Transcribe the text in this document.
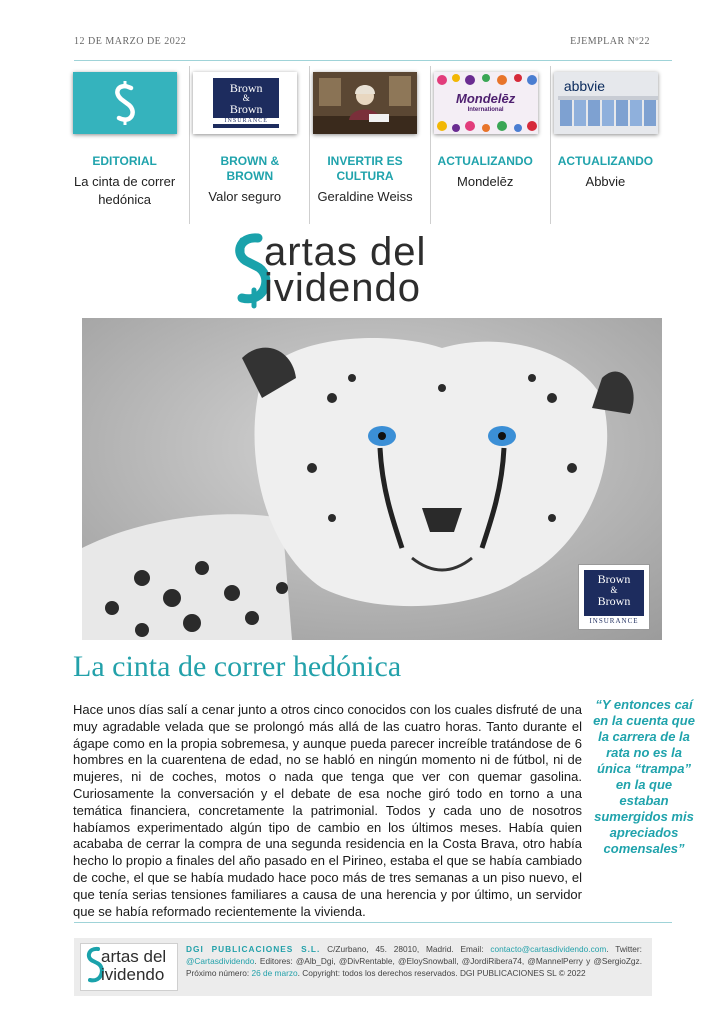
12 DE MARZO DE 2022	EJEMPLAR Nº22
EDITORIAL
La cinta de correr hedónica
Brown
&
Brown
INSURANCE
BROWN & BROWN
Valor seguro
INVERTIR ES CULTURA
Geraldine Weiss
Mondelēz
International
ACTUALIZANDO
Mondelēz
abbvie
ACTUALIZANDO
Abbvie
artas del
ividendo
Brown
&
Brown
INSURANCE
La cinta de correr hedónica

Hace unos días salí a cenar junto a otros cinco conocidos con los cuales disfruté de una muy agradable velada que se prolongó más allá de las cuatro horas. Tanto durante el ágape como en la propia sobremesa, y aunque pueda parecer increíble tratándose de 6 hombres en la cuarentena de edad, no se habló en ningún momento ni de fútbol, ni de mujeres, ni de coches, motos o nada que tenga que ver con quemar gasolina. Curiosamente la conversación y el debate de esa noche giró todo en torno a una temática financiera, concretamente la patrimonial. Todos y cada uno de nosotros habíamos experimentado algún tipo de cambio en los últimos meses. Había quien acababa de cerrar la compra de una segunda residencia en la Costa Brava, otro había hecho lo propio a finales del año pasado en el Pirineo, estaba el que se había cambiado de coche, el que se había mudado hace poco más de tres semanas a un piso nuevo, el que tenía serias tensiones familiares a causa de una herencia y por último, un servidor que se había reformado recientemente la vivienda.

“Y entonces caí en la cuenta que la carrera de la rata no es la única “trampa” en la que estaban sumergidos mis apreciados comensales”
artas del
ividendo
DGI PUBLICACIONES S.L. C/Zurbano, 45. 28010, Madrid. Email: contacto@cartasdividendo.com. Twitter: @Cartasdividendo. Editores: @Alb_Dgi, @DivRentable, @EloySnowball, @JordiRibera74, @MannelPerry y @SergioZgz. Próximo número: 26 de marzo. Copyright: todos los derechos reservados. DGI PUBLICACIONES SL © 2022
